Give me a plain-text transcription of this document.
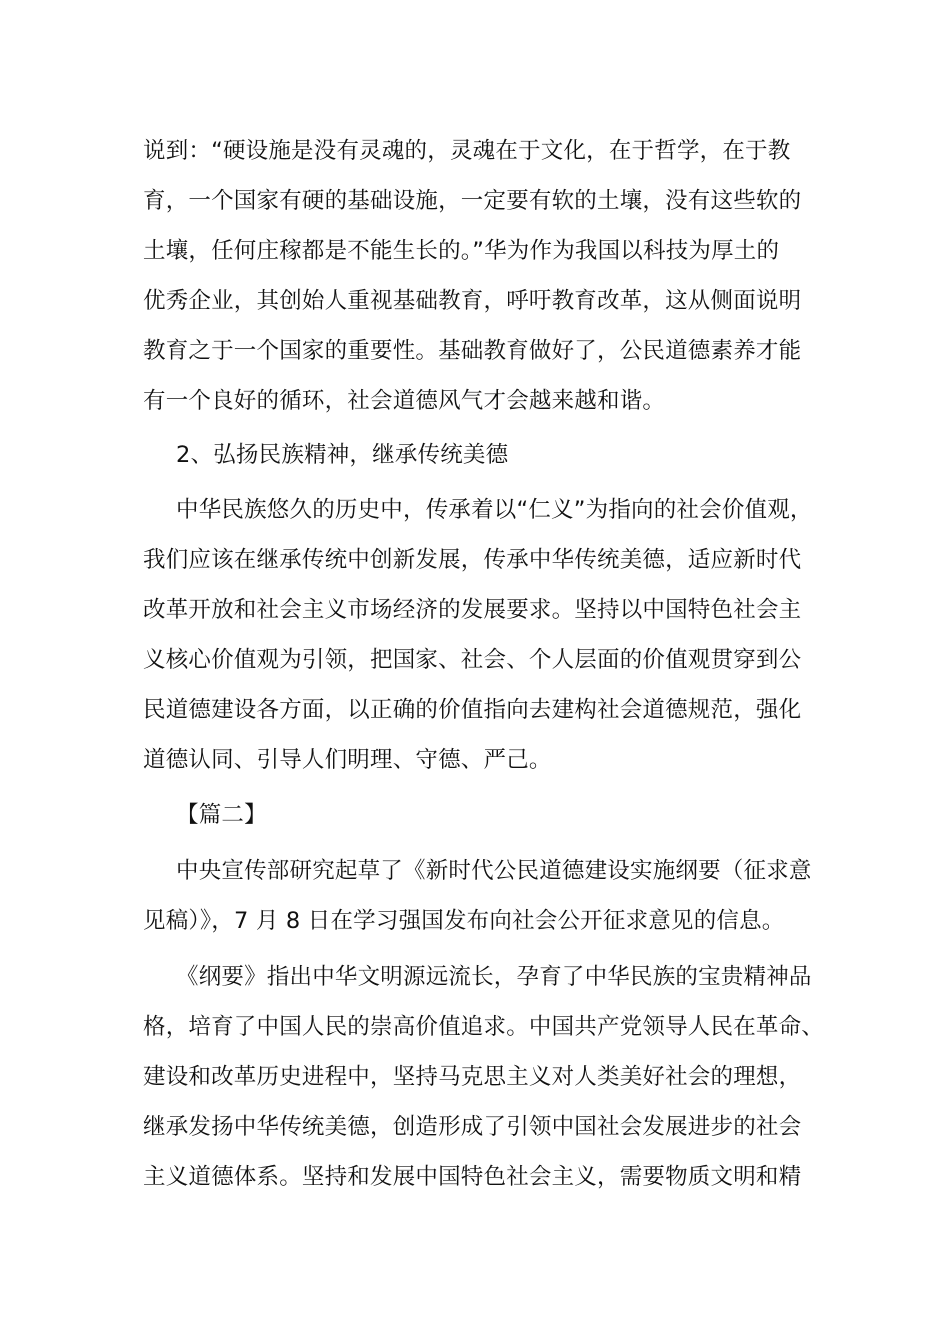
说到：“硬设施是没有灵魂的，灵魂在于文化，在于哲学，在于教
育，一个国家有硬的基础设施，一定要有软的土壤，没有这些软的
土壤，任何庄稼都是不能生长的。”华为作为我国以科技为厚土的
优秀企业，其创始人重视基础教育，呼吁教育改革，这从侧面说明
教育之于一个国家的重要性。基础教育做好了，公民道德素养才能
有一个良好的循环，社会道德风气才会越来越和谐。
2、弘扬民族精神，继承传统美德
中华民族悠久的历史中，传承着以“仁义”为指向的社会价值观，
我们应该在继承传统中创新发展，传承中华传统美德，适应新时代
改革开放和社会主义市场经济的发展要求。坚持以中国特色社会主
义核心价值观为引领，把国家、社会、个人层面的价值观贯穿到公
民道德建设各方面，以正确的价值指向去建构社会道德规范，强化
道德认同、引导人们明理、守德、严己。
【篇二】
中央宣传部研究起草了《新时代公民道德建设实施纲要（征求意
见稿）》，7 月 8 日在学习强国发布向社会公开征求意见的信息。
《纲要》指出中华文明源远流长，孕育了中华民族的宝贵精神品
格，培育了中国人民的崇高价值追求。中国共产党领导人民在革命、
建设和改革历史进程中，坚持马克思主义对人类美好社会的理想，
继承发扬中华传统美德，创造形成了引领中国社会发展进步的社会
主义道德体系。坚持和发展中国特色社会主义，需要物质文明和精
